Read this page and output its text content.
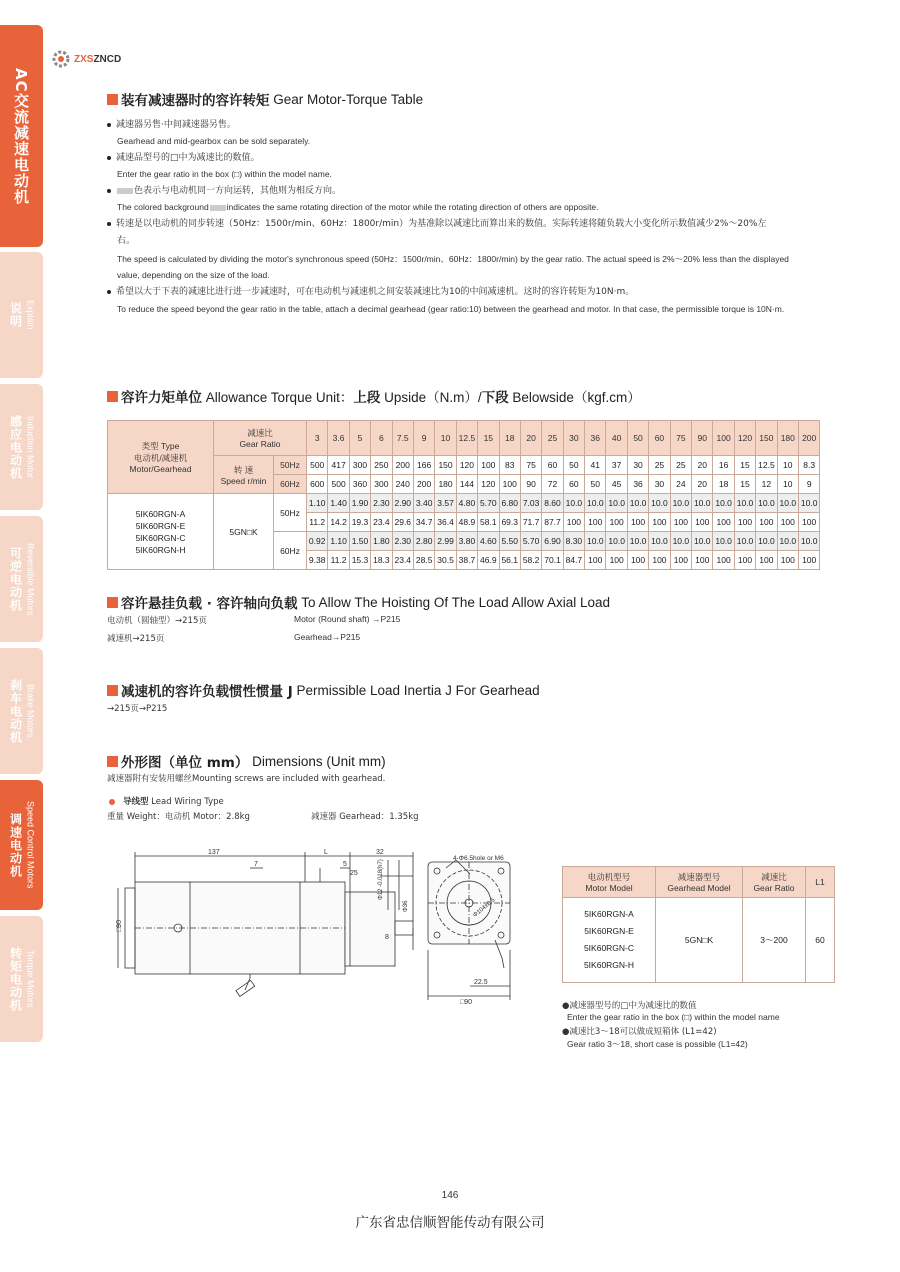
AC交流减速电动机
说明 Explain
感应电动机 Induction Motor
可逆电动机 Reversible Motors
刹车电动机 Brake Motors
调速电动机 Speed Control Motors
转矩电动机 Torque Motors
ZXSZNCD
装有减速器时的容许转矩
Gear Motor-Torque Table
减速器另售·中间减速器另售。
Gearhead and mid-gearbox can be sold separately.
减速品型号的□中为减速比的数值。
Enter the gear ratio in the box (□) within the model name.
色表示与电动机同一方向运转，其他则为相反方向。
The colored background indicates the same rotating direction of the motor while the rotating direction of others are opposite.
转速是以电动机的同步转速（50Hz：1500r/min、60Hz：1800r/min）为基准除以减速比而算出来的数值。实际转速将随负载大小变化所示数值减少2%～20%左
右。
The speed is calculated by dividing the motor's synchronous speed (50Hz：1500r/min、60Hz：1800r/min) by the gear ratio. The actual speed is 2%～20% less than the displayed
value, depending on the size of the load.
希望以大于下表的减速比进行进一步减速时，可在电动机与减速机之间安装减速比为10的中间减速机。这时的容许转矩为10N·m。
To reduce the speed beyond the gear ratio in the table, attach a decimal gearhead (gear ratio:10) between the gearhead and motor. In that case, the permissible torque is 10N·m.
容许力矩单位
Allowance Torque Unit： 上段
Upside（N.m）/ 下段
Belowside（kgf.cm）
类型 Type
电动机/减速机
Motor/Gearhead	减速比
Gear Ratio		3	3.6	5	6	7.5	9	10	12.5	15	18	20	25	30	36	40	50	60	75	90	100	120	150	180	200
	转 速
Speed r/min	50Hz	500	417	300	250	200	166	150	120	100	83	75	60	50	41	37	30	25	25	20	16	15	12.5	10	8.3
		60Hz	600	500	360	300	240	200	180	144	120	100	90	72	60	50	45	36	30	24	20	18	15	12	10	9

5IK60RGN-A
5IK60RGN-E
5IK60RGN-C
5IK60RGN-H	5GN□K	50Hz	1.10	1.40	1.90	2.30	2.90	3.40	3.57	4.80	5.70	6.80	7.03	8.60	10.0	10.0	10.0	10.0	10.0	10.0	10.0	10.0	10.0	10.0	10.0	10.0
			11.2	14.2	19.3	23.4	29.6	34.7	36.4	48.9	58.1	69.3	71.7	87.7	100	100	100	100	100	100	100	100	100	100	100	100
		60Hz	0.92	1.10	1.50	1.80	2.30	2.80	2.99	3.80	4.60	5.50	5.70	6.90	8.30	10.0	10.0	10.0	10.0	10.0	10.0	10.0	10.0	10.0	10.0	10.0
			9.38	11.2	15.3	18.3	23.4	28.5	30.5	38.7	46.9	56.1	58.2	70.1	84.7	100	100	100	100	100	100	100	100	100	100	100
容许悬挂负载 · 容许轴向负载
To Allow The Hoisting Of The Load Allow Axial Load
电动机（圆轴型）→215页	Motor (Round shaft) →P215
减速机→215页	Gearhead→P215
减速机的容许负载惯性惯量 J
Permissible Load Inertia J For Gearhead
→215页→P215
外形图（单位 mm）
Dimensions (Unit mm)
减速器附有安装用螺丝Mounting screws are included with gearhead.
导线型 Lead Wiring Type
重量 Weight：电动机 Motor：2.8kg	减速器 Gearhead：1.35kg
137	L	32
7	5
25
8
□90
Φ12 -0.018(h7)
Φ36
4-Φ6.5hole or M6
Φ104±0.5
22.5
□90
电动机型号
Motor Model	减速器型号
Gearhead Model	减速比
Gear Ratio	L1
5IK60RGN-A
5IK60RGN-E
5IK60RGN-C
5IK60RGN-H	5GN□K	3～200	60
●减速器型号的□中为减速比的数值
Enter the gear ratio in the box (□) within the model name
●减速比3～18可以做成短箱体 (L1=42)
Gear ratio 3～18, short case is possible (L1=42)
146
广东省忠信顺智能传动有限公司
